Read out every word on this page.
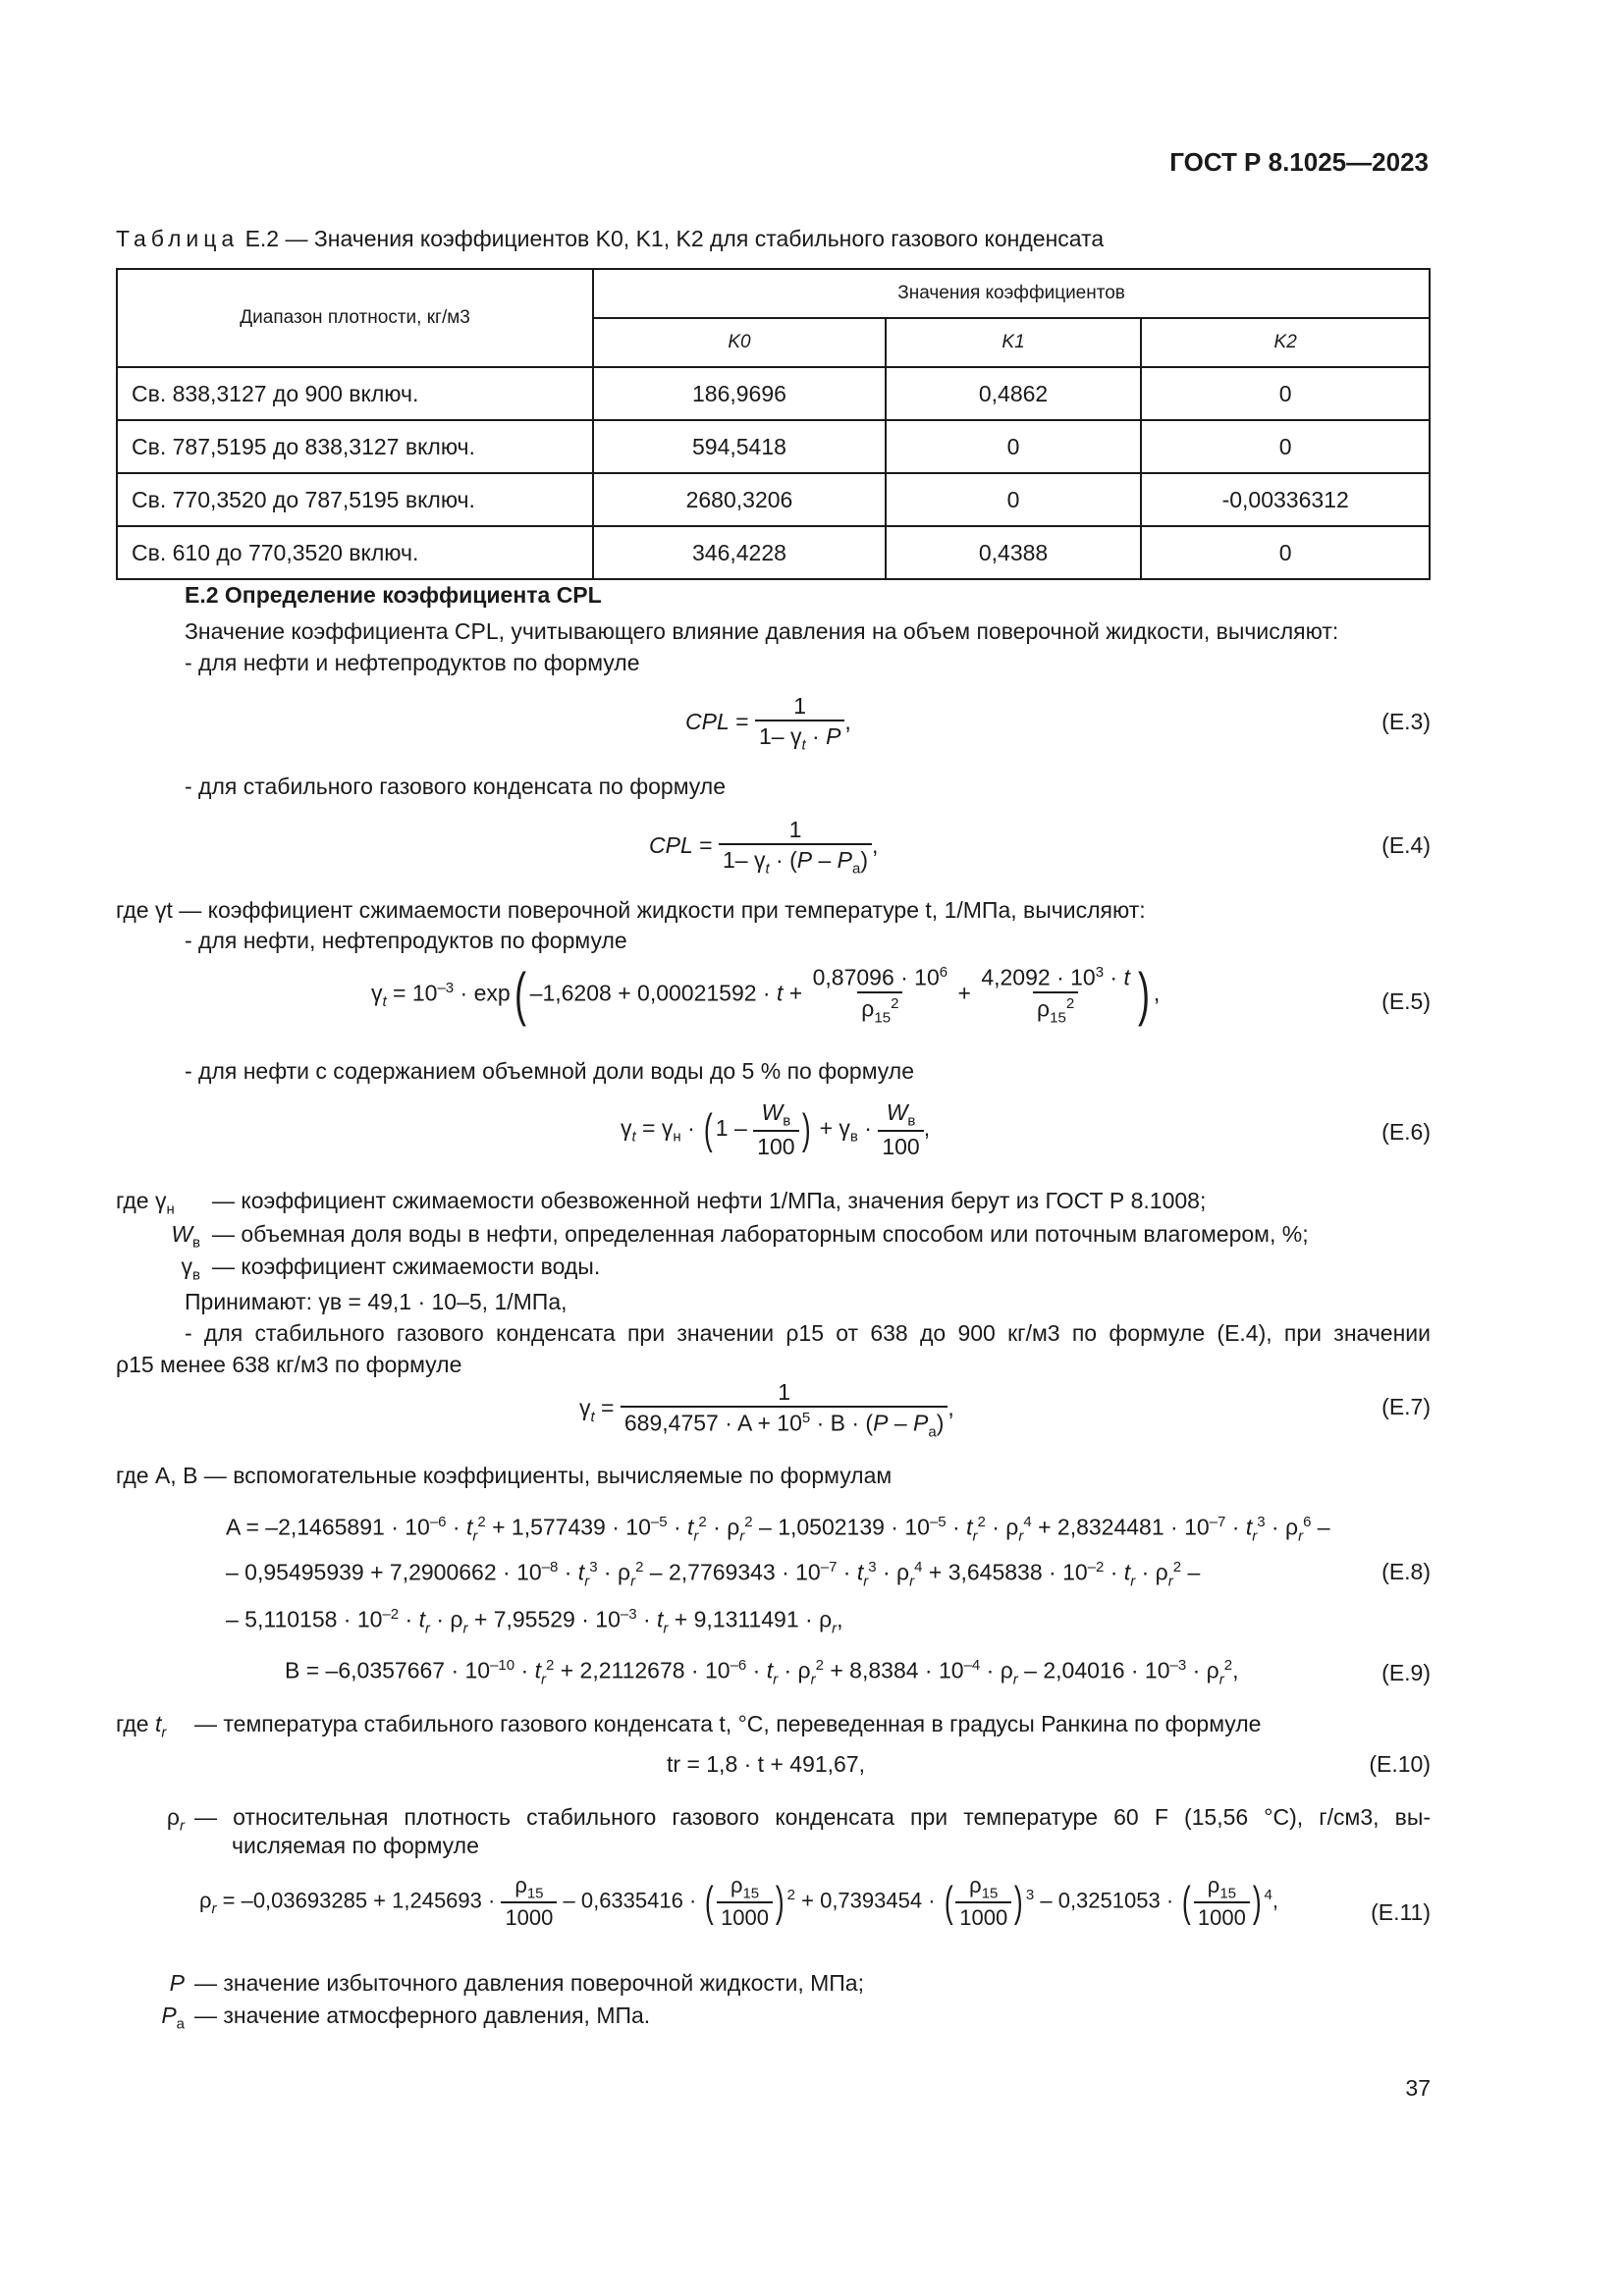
ГОСТ Р 8.1025—2023
Таблица Е.2 — Значения коэффициентов K0, K1, K2 для стабильного газового конденсата
Диапазон плотности, кг/м3	Значения коэффициентов		
	K0	K1	K2
Св. 838,3127 до 900 включ.	186,9696	0,4862	0
Св. 787,5195 до 838,3127 включ.	594,5418	0	0
Св. 770,3520 до 787,5195 включ.	2680,3206	0	-0,00336312
Св. 610 до 770,3520 включ.	346,4228	0,4388	0
Е.2 Определение коэффициента CPL
Значение коэффициента CPL, учитывающего влияние давления на объем поверочной жидкости, вычисляют:
- для нефти и нефтепродуктов по формуле
CPL = $\frac{1}{1- \gamma_t \cdot P}$ ,	(Е.3)
- для стабильного газового конденсата по формуле
CPL = $\frac{1}{1- \gamma_t \cdot (P - P_а)}$ ,	(Е.4)
где γt — коэффициент сжимаемости поверочной жидкости при температуре t, 1/МПа, вычисляют:
- для нефти, нефтепродуктов по формуле
$\gamma_t = 10^{-3} \cdot \exp$( $-1,6208 + 0,00021592 \cdot t + \frac{0,87096 \cdot 10^6}{\rho_{15}^2} + \frac{4,2092 \cdot 10^3 \cdot t}{\rho_{15}^2}$ ) ,	(Е.5)
- для нефти с содержанием объемной доли воды до 5 % по формуле
$\gamma_t = \gamma_н$ · ( $1 - \frac{W_в}{100}$ ) + $\gamma_в \cdot \frac{W_в}{100}$ ,	(Е.6)
где $\gamma_н$	— коэффициент сжимаемости обезвоженной нефти 1/МПа, значения берут из ГОСТ Р 8.1008;
$W_в$ — объемная доля воды в нефти, определенная лабораторным способом или поточным влагомером, %;
$\gamma_в$ — коэффициент сжимаемости воды.
Принимают: γв = 49,1 · 10–5, 1/МПа,
- для стабильного газового конденсата при значении ρ15 от 638 до 900 кг/м3 по формуле (Е.4), при значении
ρ15 менее 638 кг/м3 по формуле
$\gamma_t = \frac{1}{689,4757 \cdot A + 10^5 \cdot B \cdot (P - P_а)}$ ,	(Е.7)
где А, В — вспомогательные коэффициенты, вычисляемые по формулам
$A = -2,1465891 \cdot 10^{-6} \cdot t_r^2 + 1,577439 \cdot 10^{-5} \cdot t_r^2 \cdot \rho_r^2 - 1,0502139 \cdot 10^{-5} \cdot t_r^2 \cdot \rho_r^4 + 2,8324481 \cdot 10^{-7} \cdot t_r^3 \cdot \rho_r^6$ –
– $0,95495939 + 7,2900662 \cdot 10^{-8} \cdot t_r^3 \cdot \rho_r^2 - 2,7769343 \cdot 10^{-7} \cdot t_r^3 \cdot \rho_r^4 + 3,645838 \cdot 10^{-2} \cdot t_r \cdot \rho_r^2$ –	(Е.8)
– $5,110158 \cdot 10^{-2} \cdot t_r \cdot \rho_r + 7,95529 \cdot 10^{-3} \cdot t_r + 9,1311491 \cdot \rho_r$,
$B = -6,0357667 \cdot 10^{-10} \cdot t_r^2 + 2,2112678 \cdot 10^{-6} \cdot t_r \cdot \rho_r^2 + 8,8384 \cdot 10^{-4} \cdot \rho_r - 2,04016 \cdot 10^{-3} \cdot \rho_r^2$,	(Е.9)
где $t_r$	— температура стабильного газового конденсата t, °С, переведенная в градусы Ранкина по формуле
tr = 1,8 · t + 491,67,	(Е.10)
$\rho_r$ — относительная плотность стабильного газового конденсата при температуре 60 F (15,56 °С), г/см3, вы-
числяемая по формуле
$\rho_r = -0,03693285 + 1,245693 \cdot \frac{\rho_{15}}{1000} - 0,6335416$ · ( $\frac{\rho_{15}}{1000}$ ) $^2$ + 0,7393454 · ( $\frac{\rho_{15}}{1000}$ ) $^3$ – 0,3251053 · ( $\frac{\rho_{15}}{1000}$ ) $^4$,	(Е.11)
P — значение избыточного давления поверочной жидкости, МПа;
$P_а$ — значение атмосферного давления, МПа.
37
